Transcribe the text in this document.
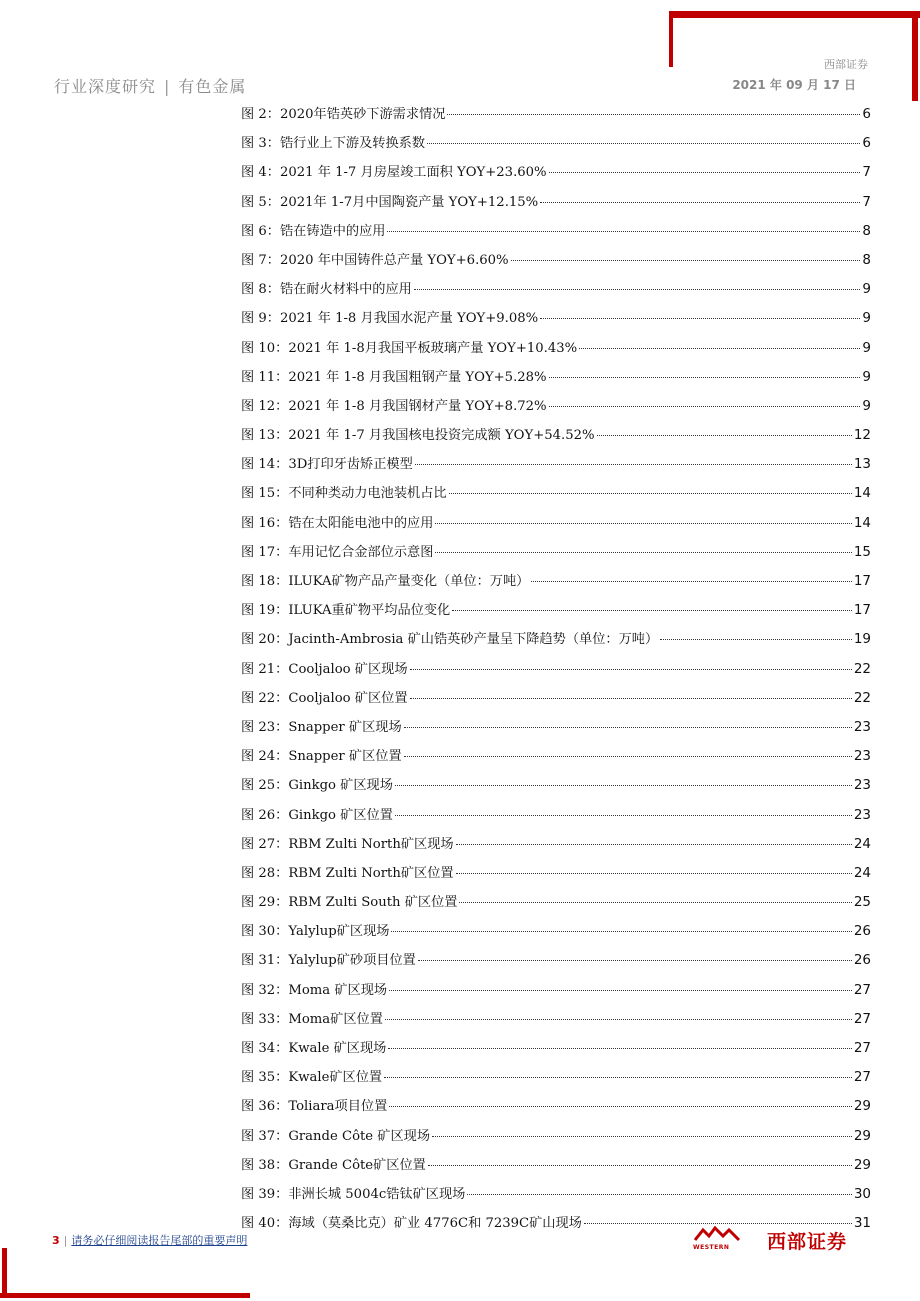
行业深度研究 | 有色金属
西部证券
2021 年 09 月 17 日
图 2：2020年锆英砂下游需求情况	6
图 3：锆行业上下游及转换系数	6
图 4：2021 年 1-7 月房屋竣工面积 YOY+23.60%	7
图 5：2021年 1-7月中国陶瓷产量 YOY+12.15%	7
图 6：锆在铸造中的应用	8
图 7：2020 年中国铸件总产量 YOY+6.60%	8
图 8：锆在耐火材料中的应用	9
图 9：2021 年 1-8 月我国水泥产量 YOY+9.08%	9
图 10：2021 年 1-8月我国平板玻璃产量 YOY+10.43%	9
图 11：2021 年 1-8 月我国粗钢产量 YOY+5.28%	9
图 12：2021 年 1-8 月我国钢材产量 YOY+8.72%	9
图 13：2021 年 1-7 月我国核电投资完成额 YOY+54.52%	12
图 14：3D打印牙齿矫正模型	13
图 15：不同种类动力电池装机占比	14
图 16：锆在太阳能电池中的应用	14
图 17：车用记忆合金部位示意图	15
图 18：ILUKA矿物产品产量变化（单位：万吨）	17
图 19：ILUKA重矿物平均品位变化	17
图 20：Jacinth-Ambrosia 矿山锆英砂产量呈下降趋势（单位：万吨）	19
图 21：Cooljaloo 矿区现场	22
图 22：Cooljaloo 矿区位置	22
图 23：Snapper 矿区现场	23
图 24：Snapper 矿区位置	23
图 25：Ginkgo 矿区现场	23
图 26：Ginkgo 矿区位置	23
图 27：RBM Zulti North矿区现场	24
图 28：RBM Zulti North矿区位置	24
图 29：RBM Zulti South 矿区位置	25
图 30：Yalylup矿区现场	26
图 31：Yalylup矿砂项目位置	26
图 32：Moma 矿区现场	27
图 33：Moma矿区位置	27
图 34：Kwale 矿区现场	27
图 35：Kwale矿区位置	27
图 36：Toliara项目位置	29
图 37：Grande Côte 矿区现场	29
图 38：Grande Côte矿区位置	29
图 39：非洲长城 5004c锆钛矿区现场	30
图 40：海域（莫桑比克）矿业 4776C和 7239C矿山现场	31
3 | 请务必仔细阅读报告尾部的重要声明
WESTERN 西部证券
